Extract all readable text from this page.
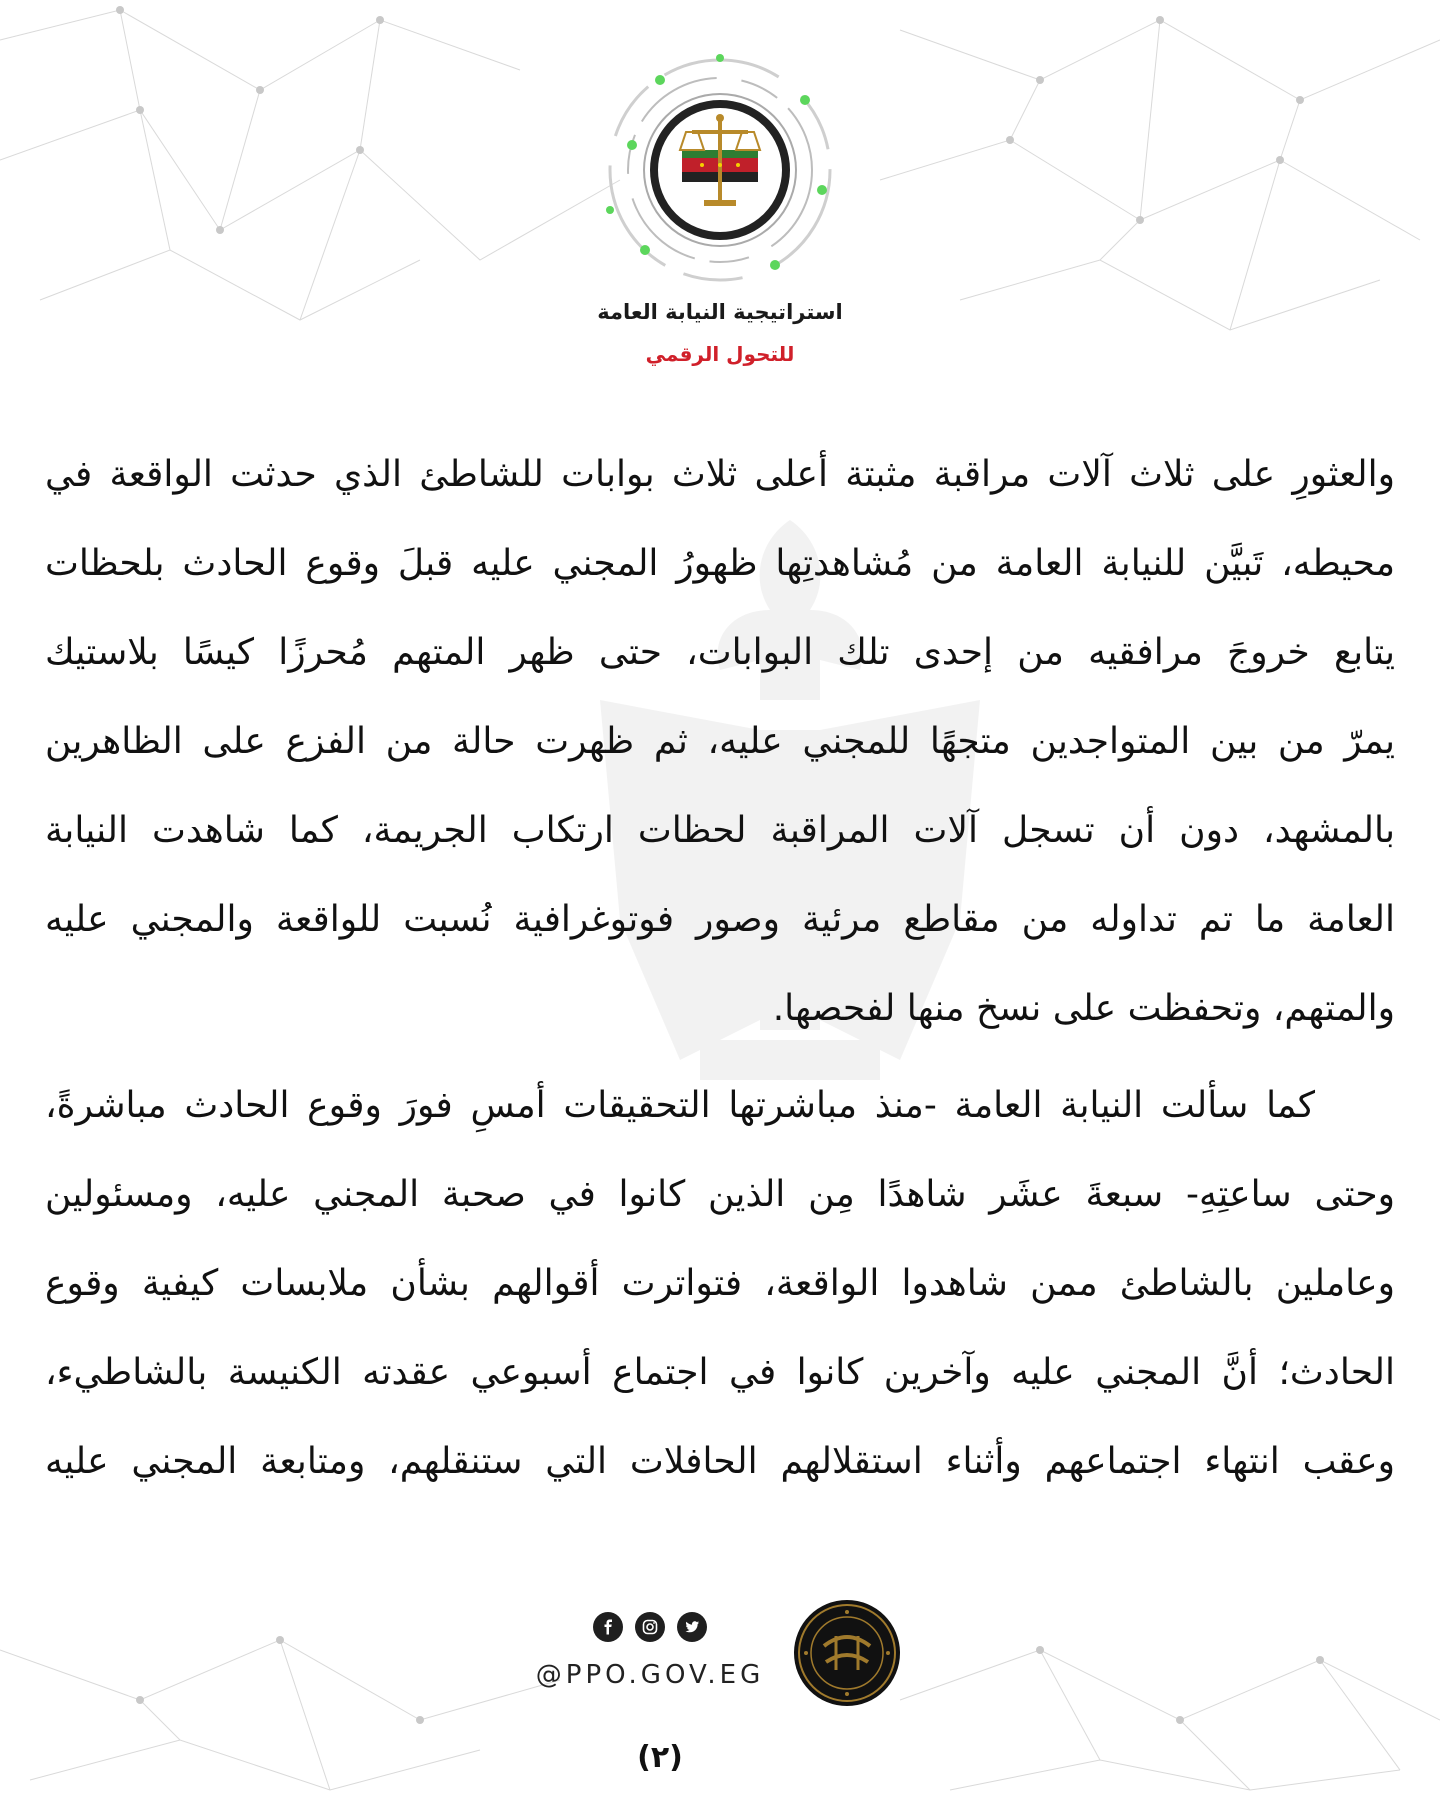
استراتيجية النيابة العامة
للتحول الرقمي

والعثورِ على ثلاث آلات مراقبة مثبتة أعلى ثلاث بوابات للشاطئ الذي حدثت الواقعة في
محيطه، تَبيَّن للنيابة العامة من مُشاهدتِها ظهورُ المجني عليه قبلَ وقوع الحادث بلحظات
يتابع خروجَ مرافقيه من إحدى تلك البوابات، حتى ظهر المتهم مُحرزًا كيسًا بلاستيك
يمرّ من بين المتواجدين متجهًا للمجني عليه، ثم ظهرت حالة من الفزع على الظاهرين
بالمشهد، دون أن تسجل آلات المراقبة لحظات ارتكاب الجريمة، كما شاهدت النيابة
العامة ما تم تداوله من مقاطع مرئية وصور فوتوغرافية نُسبت للواقعة والمجني عليه
والمتهم، وتحفظت على نسخ منها لفحصها.

كما سألت النيابة العامة -منذ مباشرتها التحقيقات أمسِ فورَ وقوع الحادث مباشرةً،
وحتى ساعتِهِ- سبعةَ عشَر شاهدًا مِن الذين كانوا في صحبة المجني عليه، ومسئولين
وعاملين بالشاطئ ممن شاهدوا الواقعة، فتواترت أقوالهم بشأن ملابسات كيفية وقوع
الحادث؛ أنَّ المجني عليه وآخرين كانوا في اجتماع أسبوعي عقدته الكنيسة بالشاطيء،
وعقب انتهاء اجتماعهم وأثناء استقلالهم الحافلات التي ستنقلهم، ومتابعة المجني عليه

@PPO.GOV.EG
(٢)
